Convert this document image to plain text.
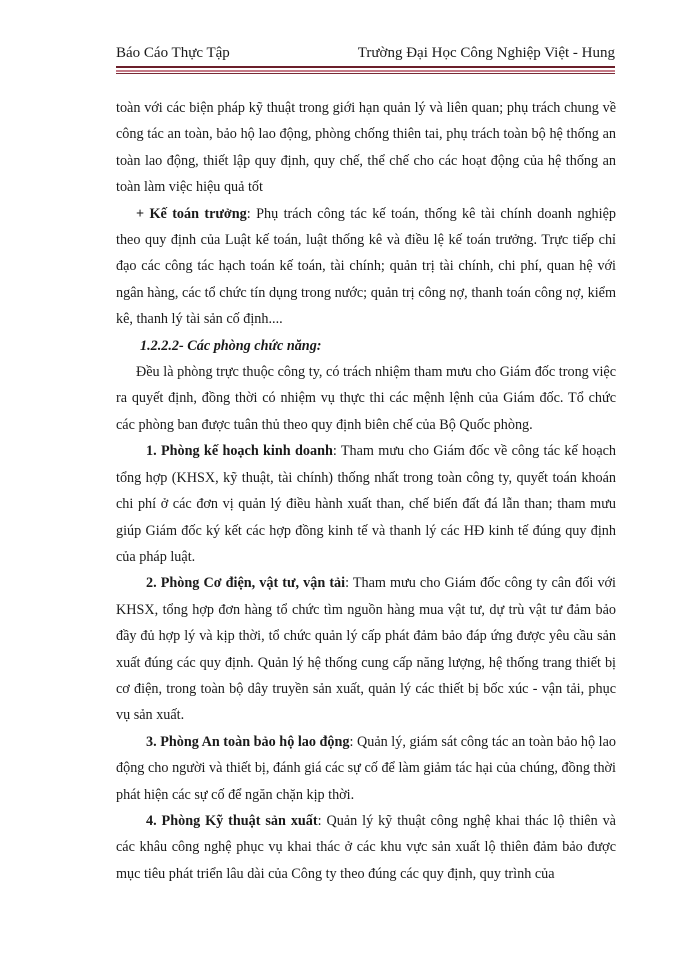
Báo Cáo Thực Tập	Trường Đại Học Công Nghiệp Việt - Hung

toàn với các biện pháp kỹ thuật trong giới hạn quản lý và liên quan; phụ trách chung về công tác an toàn, bảo hộ lao động, phòng chống thiên tai, phụ trách toàn bộ hệ thống an toàn lao động, thiết lập quy định, quy chế, thể chế cho các hoạt động của hệ thống an toàn làm việc hiệu quả tốt

+ Kế toán trưởng: Phụ trách công tác kế toán, thống kê tài chính doanh nghiệp theo quy định của Luật kế toán, luật thống kê và điều lệ kế toán trưởng. Trực tiếp chỉ đạo các công tác hạch toán kế toán, tài chính; quản trị tài chính, chi phí, quan hệ với ngân hàng, các tổ chức tín dụng trong nước; quản trị công nợ, thanh toán công nợ, kiểm kê, thanh lý tài sản cố định....

1.2.2.2- Các phòng chức năng:

Đều là phòng trực thuộc công ty, có trách nhiệm tham mưu cho Giám đốc trong việc ra quyết định, đồng thời có nhiệm vụ thực thi các mệnh lệnh của Giám đốc. Tổ chức các phòng ban được tuân thủ theo quy định biên chế của Bộ Quốc phòng.

1. Phòng kế hoạch kinh doanh: Tham mưu cho Giám đốc về công tác kế hoạch tổng hợp (KHSX, kỹ thuật, tài chính) thống nhất trong toàn công ty, quyết toán khoán chi phí ở các đơn vị quản lý điều hành xuất than, chế biến đất đá lẫn than; tham mưu giúp Giám đốc ký kết các hợp đồng kinh tế và thanh lý các HĐ kinh tế đúng quy định của pháp luật.

2. Phòng Cơ điện, vật tư, vận tải: Tham mưu cho Giám đốc công ty cân đối với KHSX, tổng hợp đơn hàng tổ chức tìm nguồn hàng mua vật tư, dự trù vật tư đảm bảo đầy đủ hợp lý và kịp thời, tổ chức quản lý cấp phát đảm bảo đáp ứng được yêu cầu sản xuất đúng các quy định. Quản lý hệ thống cung cấp năng lượng, hệ thống trang thiết bị cơ điện, trong toàn bộ dây truyền sản xuất, quản lý các thiết bị bốc xúc - vận tải, phục vụ sản xuất.

3. Phòng An toàn bảo hộ lao động: Quản lý, giám sát công tác an toàn bảo hộ lao động cho người và thiết bị, đánh giá các sự cố để làm giảm tác hại của chúng, đồng thời phát hiện các sự cố để ngăn chặn kịp thời.

4. Phòng Kỹ thuật sản xuất: Quản lý kỹ thuật công nghệ khai thác lộ thiên và các khâu công nghệ phục vụ khai thác ở các khu vực sản xuất lộ thiên đảm bảo được mục tiêu phát triển lâu dài của Công ty theo đúng các quy định, quy trình của
